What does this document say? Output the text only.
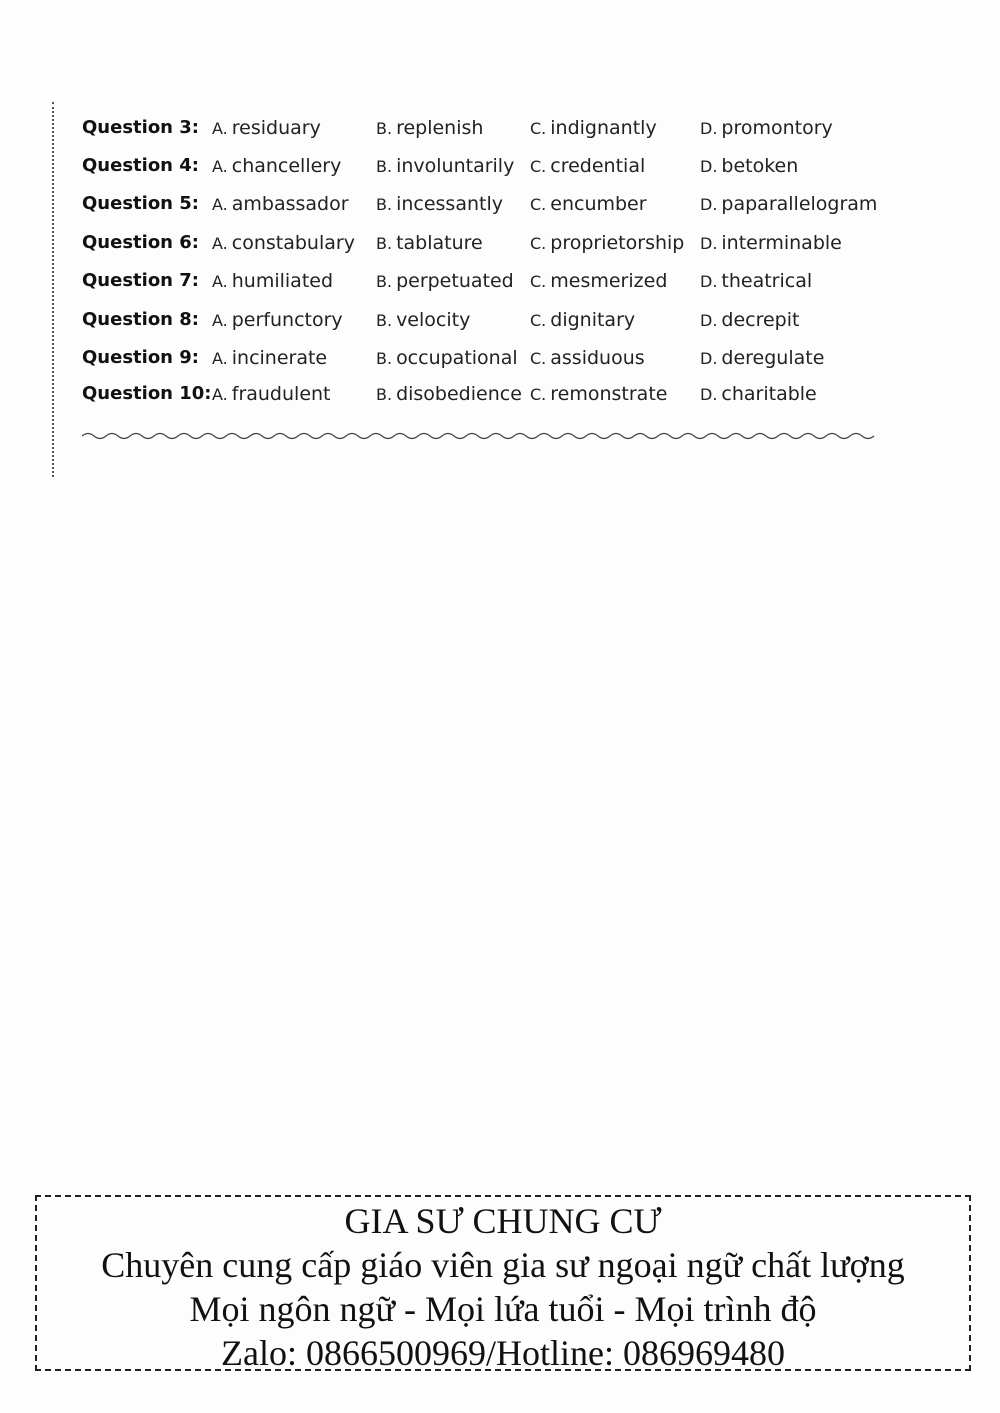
Question 3: A. residuary	B. replenish	C. indignantly	D. promontory
Question 4: A. chancellery B. involuntarily C. credential	D. betoken
Question 5: A. ambassador B. incessantly C. encumber	D. paparallelogram
Question 6: A. constabulary B. tablature	C. proprietorship D. interminable
Question 7: A. humiliated	B. perpetuated C. mesmerized D. theatrical
Question 8: A. perfunctory B. velocity	C. dignitary	D. decrepit
Question 9: A. incinerate	B. occupational C. assiduous	D. deregulate
Question 10: A. fraudulent	B. disobedience C. remonstrate D. charitable
GIA SƯ CHUNG CƯ
Chuyên cung cấp giáo viên gia sư ngoại ngữ chất lượng
Mọi ngôn ngữ - Mọi lứa tuổi - Mọi trình độ
Zalo: 0866500969/Hotline: 086969480
